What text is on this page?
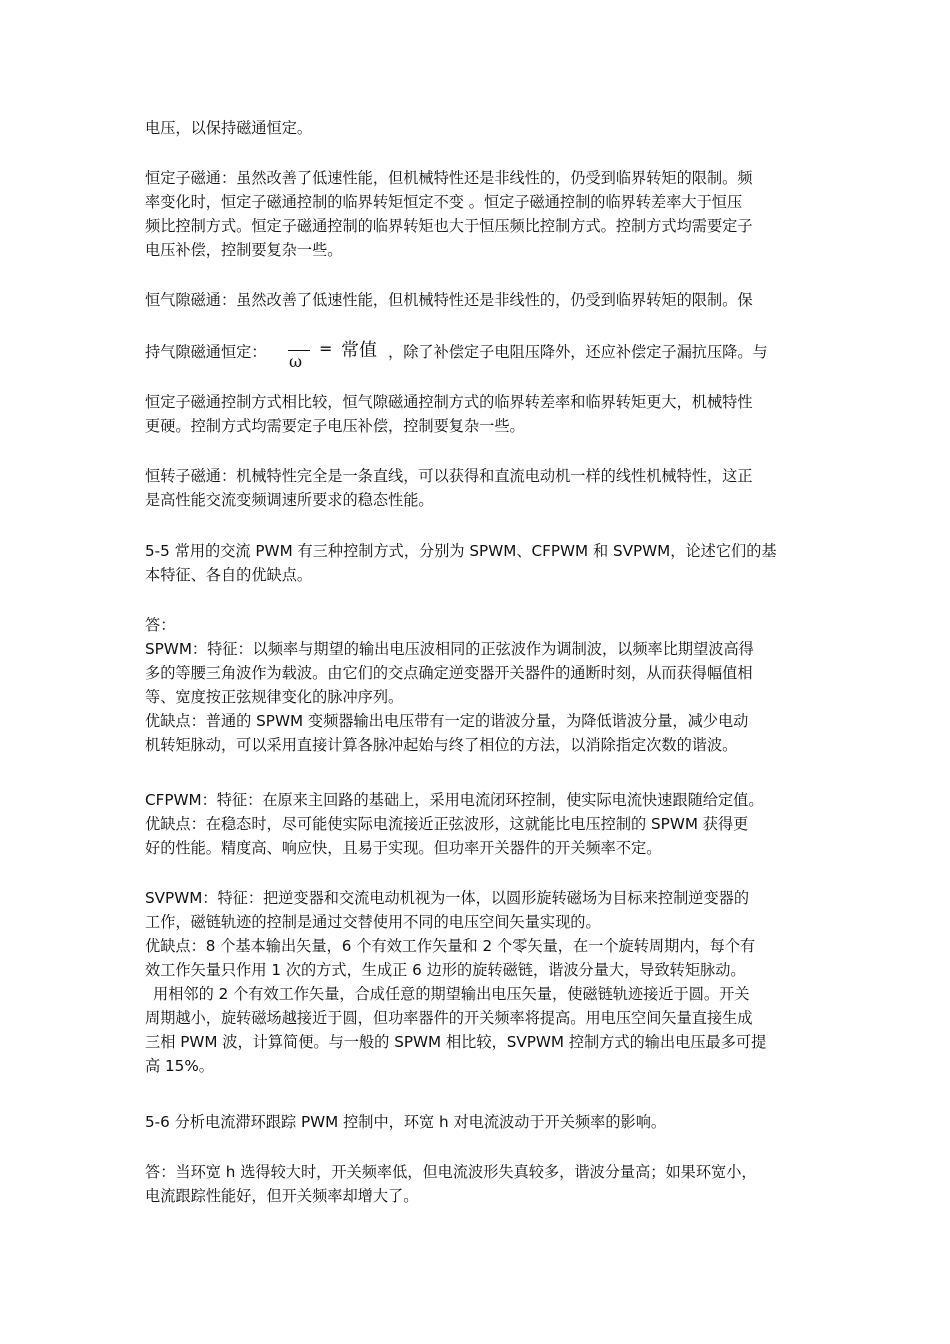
电压，以保持磁通恒定。
恒定子磁通：虽然改善了低速性能，但机械特性还是非线性的，仍受到临界转矩的限制。频
率变化时，恒定子磁通控制的临界转矩恒定不变 。恒定子磁通控制的临界转差率大于恒压
频比控制方式。恒定子磁通控制的临界转矩也大于恒压频比控制方式。控制方式均需要定子
电压补偿，控制要复杂一些。
恒气隙磁通：虽然改善了低速性能，但机械特性还是非线性的，仍受到临界转矩的限制。保
持气隙磁通恒定：	ω
= 常值 ，除了补偿定子电阻压降外，还应补偿定子漏抗压降。与
恒定子磁通控制方式相比较，恒气隙磁通控制方式的临界转差率和临界转矩更大，机械特性
更硬。控制方式均需要定子电压补偿，控制要复杂一些。
恒转子磁通：机械特性完全是一条直线，可以获得和直流电动机一样的线性机械特性，这正
是高性能交流变频调速所要求的稳态性能。
5-5 常用的交流 PWM 有三种控制方式，分别为 SPWM、CFPWM 和 SVPWM，论述它们的基
本特征、各自的优缺点。
答：
SPWM：特征：以频率与期望的输出电压波相同的正弦波作为调制波，以频率比期望波高得
多的等腰三角波作为载波。由它们的交点确定逆变器开关器件的通断时刻，从而获得幅值相
等、宽度按正弦规律变化的脉冲序列。
优缺点：普通的 SPWM 变频器输出电压带有一定的谐波分量，为降低谐波分量，减少电动
机转矩脉动，可以采用直接计算各脉冲起始与终了相位的方法，以消除指定次数的谐波。
CFPWM：特征：在原来主回路的基础上，采用电流闭环控制，使实际电流快速跟随给定值。
优缺点：在稳态时，尽可能使实际电流接近正弦波形，这就能比电压控制的 SPWM 获得更
好的性能。精度高、响应快，且易于实现。但功率开关器件的开关频率不定。
SVPWM：特征：把逆变器和交流电动机视为一体，以圆形旋转磁场为目标来控制逆变器的
工作，磁链轨迹的控制是通过交替使用不同的电压空间矢量实现的。
优缺点：8 个基本输出矢量，6 个有效工作矢量和 2 个零矢量，在一个旋转周期内，每个有
效工作矢量只作用 1 次的方式，生成正 6 边形的旋转磁链，谐波分量大，导致转矩脉动。
用相邻的 2 个有效工作矢量，合成任意的期望输出电压矢量，使磁链轨迹接近于圆。开关
周期越小，旋转磁场越接近于圆，但功率器件的开关频率将提高。用电压空间矢量直接生成
三相 PWM 波，计算简便。与一般的 SPWM 相比较，SVPWM 控制方式的输出电压最多可提
高 15%。
5-6 分析电流滞环跟踪 PWM 控制中，环宽 h 对电流波动于开关频率的影响。
答：当环宽 h 选得较大时，开关频率低，但电流波形失真较多，谐波分量高；如果环宽小，
电流跟踪性能好，但开关频率却增大了。
